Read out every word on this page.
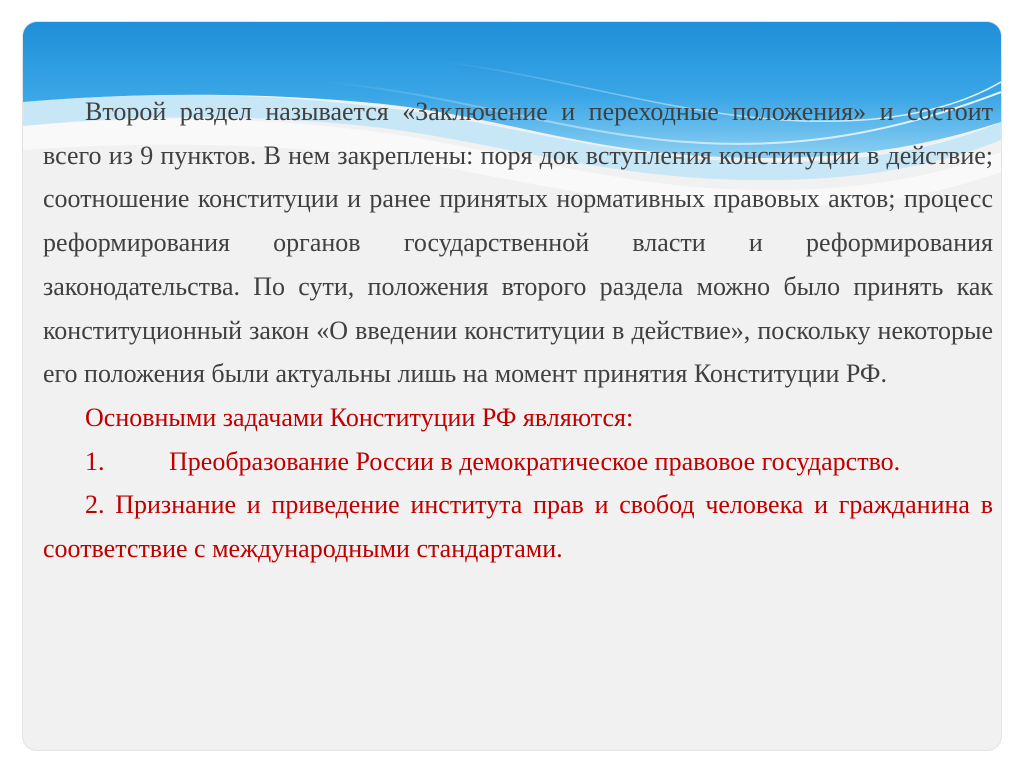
Второй раздел называется «Заключение и переходные положения» и состоит всего из 9 пунктов. В нем закреплены: поря док вступления конституции в действие; соотношение конституции и ранее принятых нормативных правовых актов; процесс реформирования органов государственной власти и реформирования законодательства. По сути, положения второго раздела можно было принять как конституционный закон «О введении конституции в действие», поскольку некоторые его положения были актуальны лишь на момент принятия Конституции РФ.

Основными задачами Конституции РФ являются:

1. Преобразование России в демократическое правовое государство.

2. Признание и приведение института прав и свобод человека и гражданина в соответствие с международными стандартами.
